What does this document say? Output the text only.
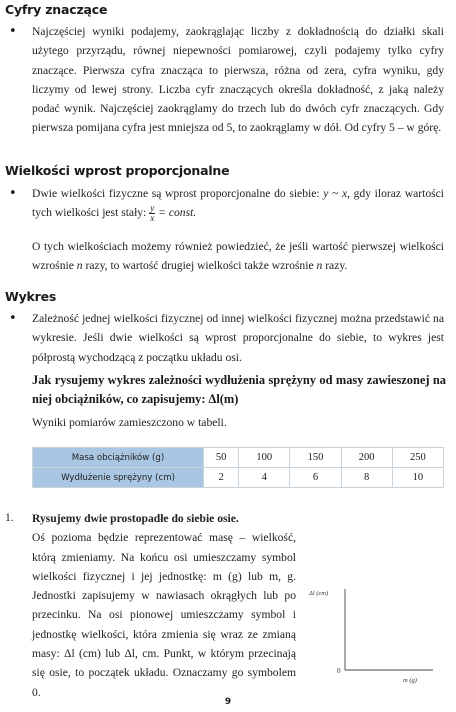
Cyfry znaczące
• Najczęściej wyniki podajemy, zaokrąglając liczby z dokładnością do działki skali użytego przyrządu, równej niepewności pomiarowej, czyli podajemy tylko cyfry znaczące. Pierwsza cyfra znacząca to pierwsza, różna od zera, cyfra wyniku, gdy liczymy od lewej strony. Liczba cyfr znaczących określa dokładność, z jaką należy podać wynik. Najczęściej zaokrąglamy do trzech lub do dwóch cyfr znaczących. Gdy pierwsza pomijana cyfra jest mniejsza od 5, to zaokrąglamy w dół. Od cyfry 5 – w górę.

Wielkości wprost proporcjonalne
• Dwie wielkości fizyczne są wprost proporcjonalne do siebie: y ~ x, gdy iloraz wartości tych wielkości jest stały: $\frac{y}{x}$ = const.

O tych wielkościach możemy również powiedzieć, że jeśli wartość pierwszej wielkości wzrośnie n razy, to wartość drugiej wielkości także wzrośnie n razy.

Wykres
• Zależność jednej wielkości fizycznej od innej wielkości fizycznej można przedstawić na wykresie. Jeśli dwie wielkości są wprost proporcjonalne do siebie, to wykres jest półprostą wychodzącą z początku układu osi.

Jak rysujemy wykres zależności wydłużenia sprężyny od masy zawieszonej na niej obciążników, co zapisujemy: Δl(m)

Wyniki pomiarów zamieszczono w tabeli.

Masa obciążników (g)	50	100	150	200	250
Wydłużenie sprężyny (cm)	2	4	6	8	10
1. Rysujemy dwie prostopadłe do siebie osie.
Oś pozioma będzie reprezentować masę – wielkość, którą zmieniamy. Na końcu osi umieszczamy symbol wielkości fizycznej i jej jednostkę: m (g) lub m, g. Jednostki zapisujemy w nawiasach okrągłych lub po przecinku. Na osi pionowej umieszczamy symbol i jednostkę wielkości, która zmienia się wraz ze zmianą masy: Δl (cm) lub Δl, cm. Punkt, w którym przecinają się osie, to początek układu. Oznaczamy go symbolem 0.

Δl (cm)
m (g)
0
9
